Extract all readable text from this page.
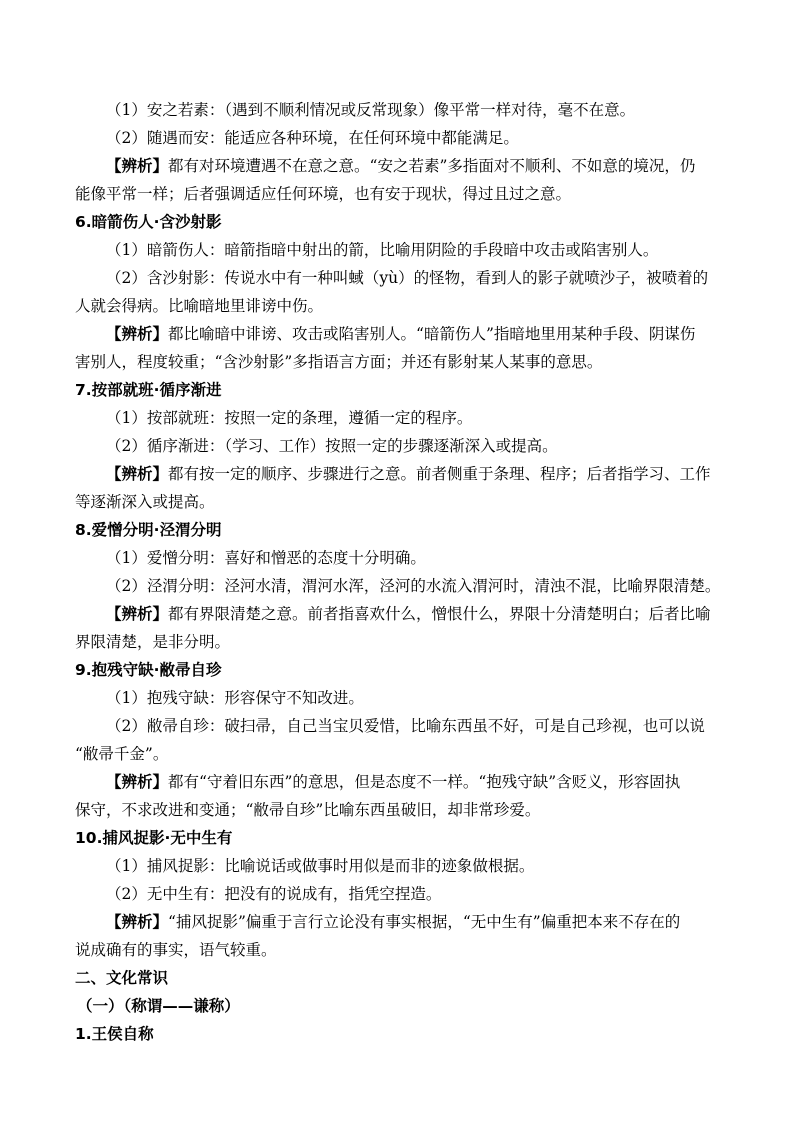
（1）安之若素：（遇到不顺利情况或反常现象）像平常一样对待，毫不在意。
（2）随遇而安：能适应各种环境，在任何环境中都能满足。
【辨析】都有对环境遭遇不在意之意。“安之若素”多指面对不顺利、不如意的境况，仍
能像平常一样；后者强调适应任何环境，也有安于现状，得过且过之意。
6.暗箭伤人·含沙射影
（1）暗箭伤人：暗箭指暗中射出的箭，比喻用阴险的手段暗中攻击或陷害别人。
（2）含沙射影：传说水中有一种叫蜮（yù）的怪物，看到人的影子就喷沙子，被喷着的
人就会得病。比喻暗地里诽谤中伤。
【辨析】都比喻暗中诽谤、攻击或陷害别人。“暗箭伤人”指暗地里用某种手段、阴谋伤
害别人，程度较重；“含沙射影”多指语言方面；并还有影射某人某事的意思。
7.按部就班·循序渐进
（1）按部就班：按照一定的条理，遵循一定的程序。
（2）循序渐进：（学习、工作）按照一定的步骤逐渐深入或提高。
【辨析】都有按一定的顺序、步骤进行之意。前者侧重于条理、程序；后者指学习、工作
等逐渐深入或提高。
8.爱憎分明·泾渭分明
（1）爱憎分明：喜好和憎恶的态度十分明确。
（2）泾渭分明：泾河水清，渭河水浑，泾河的水流入渭河时，清浊不混，比喻界限清楚。
【辨析】都有界限清楚之意。前者指喜欢什么，憎恨什么，界限十分清楚明白；后者比喻
界限清楚，是非分明。
9.抱残守缺·敝帚自珍
（1）抱残守缺：形容保守不知改进。
（2）敝帚自珍：破扫帚，自己当宝贝爱惜，比喻东西虽不好，可是自己珍视，也可以说
“敝帚千金”。
【辨析】都有“守着旧东西”的意思，但是态度不一样。“抱残守缺”含贬义，形容固执
保守，不求改进和变通；“敝帚自珍”比喻东西虽破旧，却非常珍爱。
10.捕风捉影·无中生有
（1）捕风捉影：比喻说话或做事时用似是而非的迹象做根据。
（2）无中生有：把没有的说成有，指凭空捏造。
【辨析】“捕风捉影”偏重于言行立论没有事实根据，“无中生有”偏重把本来不存在的
说成确有的事实，语气较重。
二、文化常识
（一）（称谓——谦称）
1.王侯自称
